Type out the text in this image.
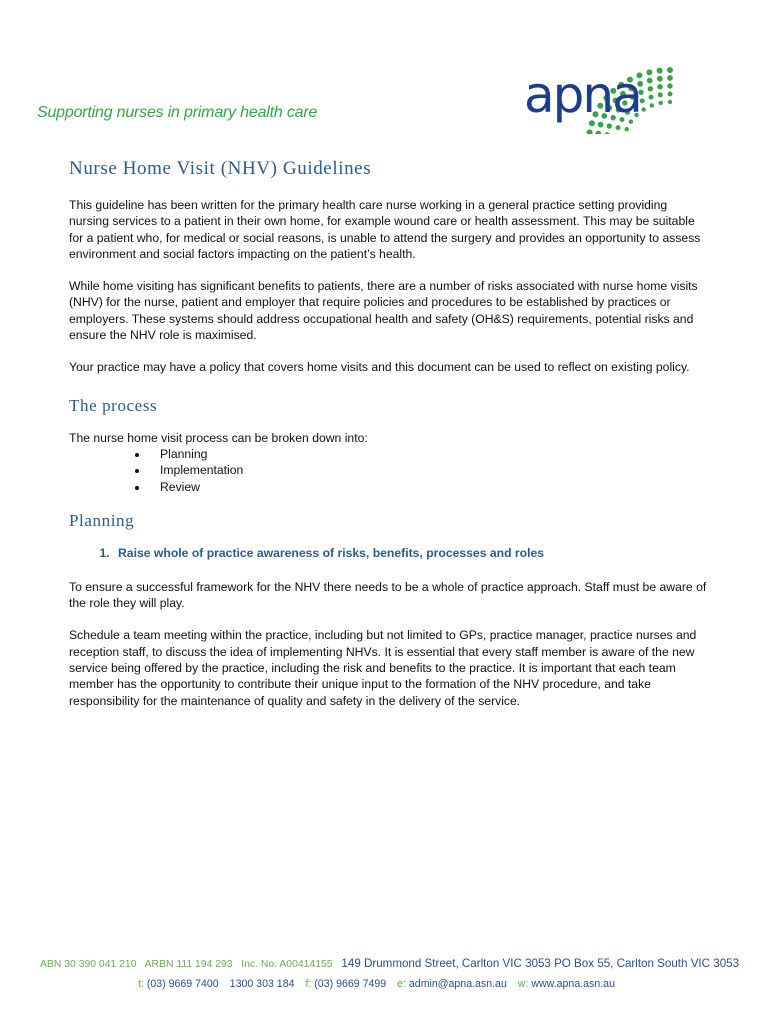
Supporting nurses in primary health care	apna
Nurse Home Visit (NHV) Guidelines

This guideline has been written for the primary health care nurse working in a general practice setting providing nursing services to a patient in their own home, for example wound care or health assessment. This may be suitable for a patient who, for medical or social reasons, is unable to attend the surgery and provides an opportunity to assess environment and social factors impacting on the patient’s health.

While home visiting has significant benefits to patients, there are a number of risks associated with nurse home visits (NHV) for the nurse, patient and employer that require policies and procedures to be established by practices or employers. These systems should address occupational health and safety (OH&S) requirements, potential risks and ensure the NHV role is maximised.

Your practice may have a policy that covers home visits and this document can be used to reflect on existing policy.

The process

The nurse home visit process can be broken down into:

• Planning
• Implementation
• Review
Planning
1. Raise whole of practice awareness of risks, benefits, processes and roles

To ensure a successful framework for the NHV there needs to be a whole of practice approach. Staff must be aware of the role they will play.

Schedule a team meeting within the practice, including but not limited to GPs, practice manager, practice nurses and reception staff, to discuss the idea of implementing NHVs. It is essential that every staff member is aware of the new service being offered by the practice, including the risk and benefits to the practice. It is important that each team member has the opportunity to contribute their unique input to the formation of the NHV procedure, and take responsibility for the maintenance of quality and safety in the delivery of the service.

ABN 30 390 041 210 ARBN 111 194 293 Inc. No. A00414155 149 Drummond Street, Carlton VIC 3053 PO Box 55, Carlton South VIC 3053
t: (03) 9669 7400 1300 303 184 f: (03) 9669 7499 e: admin@apna.asn.au w: www.apna.asn.au
